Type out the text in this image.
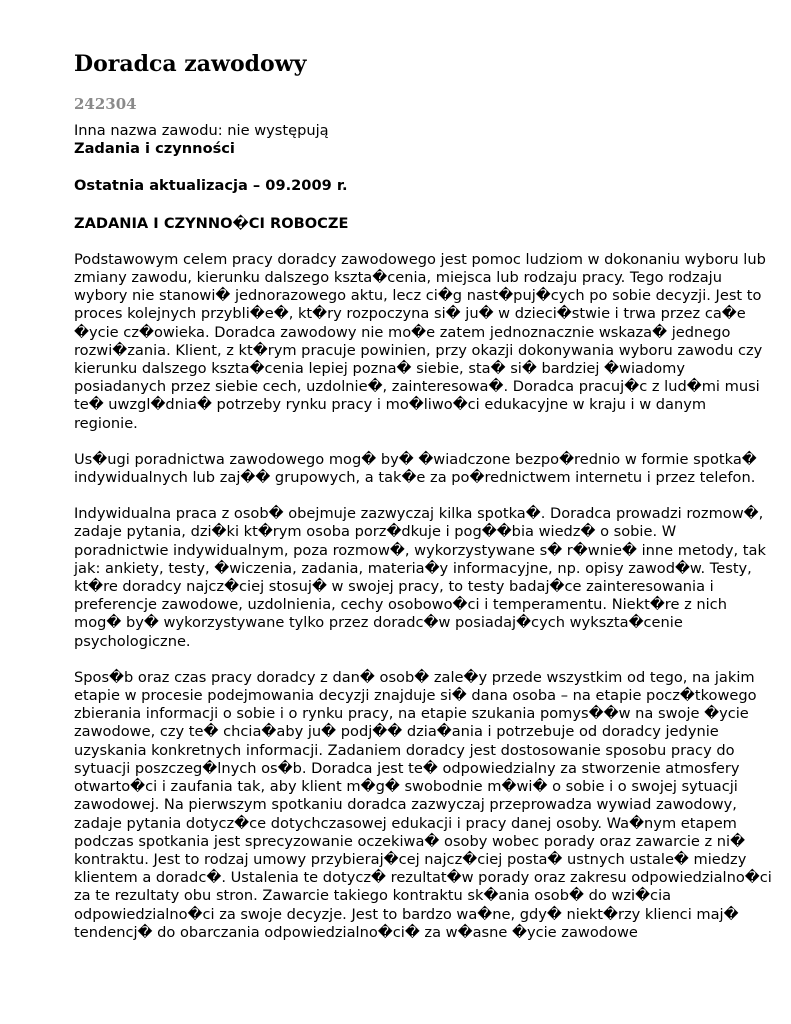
Doradca zawodowy
242304
Inna nazwa zawodu: nie występują
Zadania i czynności
Ostatnia aktualizacja – 09.2009 r.
ZADANIA I CZYNNO�CI ROBOCZE

Podstawowym celem pracy doradcy zawodowego jest pomoc ludziom w dokonaniu wyboru lub zmiany zawodu, kierunku dalszego kszta�cenia, miejsca lub rodzaju pracy. Tego rodzaju wybory nie stanowi� jednorazowego aktu, lecz ci�g nast�puj�cych po sobie decyzji. Jest to proces kolejnych przybli�e�, kt�ry rozpoczyna si� ju� w dzieci�stwie i trwa przez ca�e �ycie cz�owieka. Doradca zawodowy nie mo�e zatem jednoznacznie wskaza� jednego rozwi�zania. Klient, z kt�rym pracuje powinien, przy okazji dokonywania wyboru zawodu czy kierunku dalszego kszta�cenia lepiej pozna� siebie, sta� si� bardziej �wiadomy posiadanych przez siebie cech, uzdolnie�, zainteresowa�. Doradca pracuj�c z lud�mi musi te� uwzgl�dnia� potrzeby rynku pracy i mo�liwo�ci edukacyjne w kraju i w danym regionie.

Us�ugi poradnictwa zawodowego mog� by� �wiadczone bezpo�rednio w formie spotka� indywidualnych lub zaj�� grupowych, a tak�e za po�rednictwem internetu i przez telefon.

Indywidualna praca z osob� obejmuje zazwyczaj kilka spotka�. Doradca prowadzi rozmow�, zadaje pytania, dzi�ki kt�rym osoba porz�dkuje i pog��bia wiedz� o sobie. W poradnictwie indywidualnym, poza rozmow�, wykorzystywane s� r�wnie� inne metody, tak jak: ankiety, testy, �wiczenia, zadania, materia�y informacyjne, np. opisy zawod�w. Testy, kt�re doradcy najcz�ciej stosuj� w swojej pracy, to testy badaj�ce zainteresowania i preferencje zawodowe, uzdolnienia, cechy osobowo�ci i temperamentu. Niekt�re z nich mog� by� wykorzystywane tylko przez doradc�w posiadaj�cych wykszta�cenie psychologiczne.

Spos�b oraz czas pracy doradcy z dan� osob� zale�y przede wszystkim od tego, na jakim etapie w procesie podejmowania decyzji znajduje si� dana osoba – na etapie pocz�tkowego zbierania informacji o sobie i o rynku pracy, na etapie szukania pomys��w na swoje �ycie zawodowe, czy te� chcia�aby ju� podj�� dzia�ania i potrzebuje od doradcy jedynie uzyskania konkretnych informacji. Zadaniem doradcy jest dostosowanie sposobu pracy do sytuacji poszczeg�lnych os�b. Doradca jest te� odpowiedzialny za stworzenie atmosfery otwarto�ci i zaufania tak, aby klient m�g� swobodnie m�wi� o sobie i o swojej sytuacji zawodowej. Na pierwszym spotkaniu doradca zazwyczaj przeprowadza wywiad zawodowy, zadaje pytania dotycz�ce dotychczasowej edukacji i pracy danej osoby. Wa�nym etapem podczas spotkania jest sprecyzowanie oczekiwa� osoby wobec porady oraz zawarcie z ni� kontraktu. Jest to rodzaj umowy przybieraj�cej najcz�ciej posta� ustnych ustale� miedzy klientem a doradc�. Ustalenia te dotycz� rezultat�w porady oraz zakresu odpowiedzialno�ci za te rezultaty obu stron. Zawarcie takiego kontraktu sk�ania osob� do wzi�cia odpowiedzialno�ci za swoje decyzje. Jest to bardzo wa�ne, gdy� niekt�rzy klienci maj� tendencj� do obarczania odpowiedzialno�ci� za w�asne �ycie zawodowe
